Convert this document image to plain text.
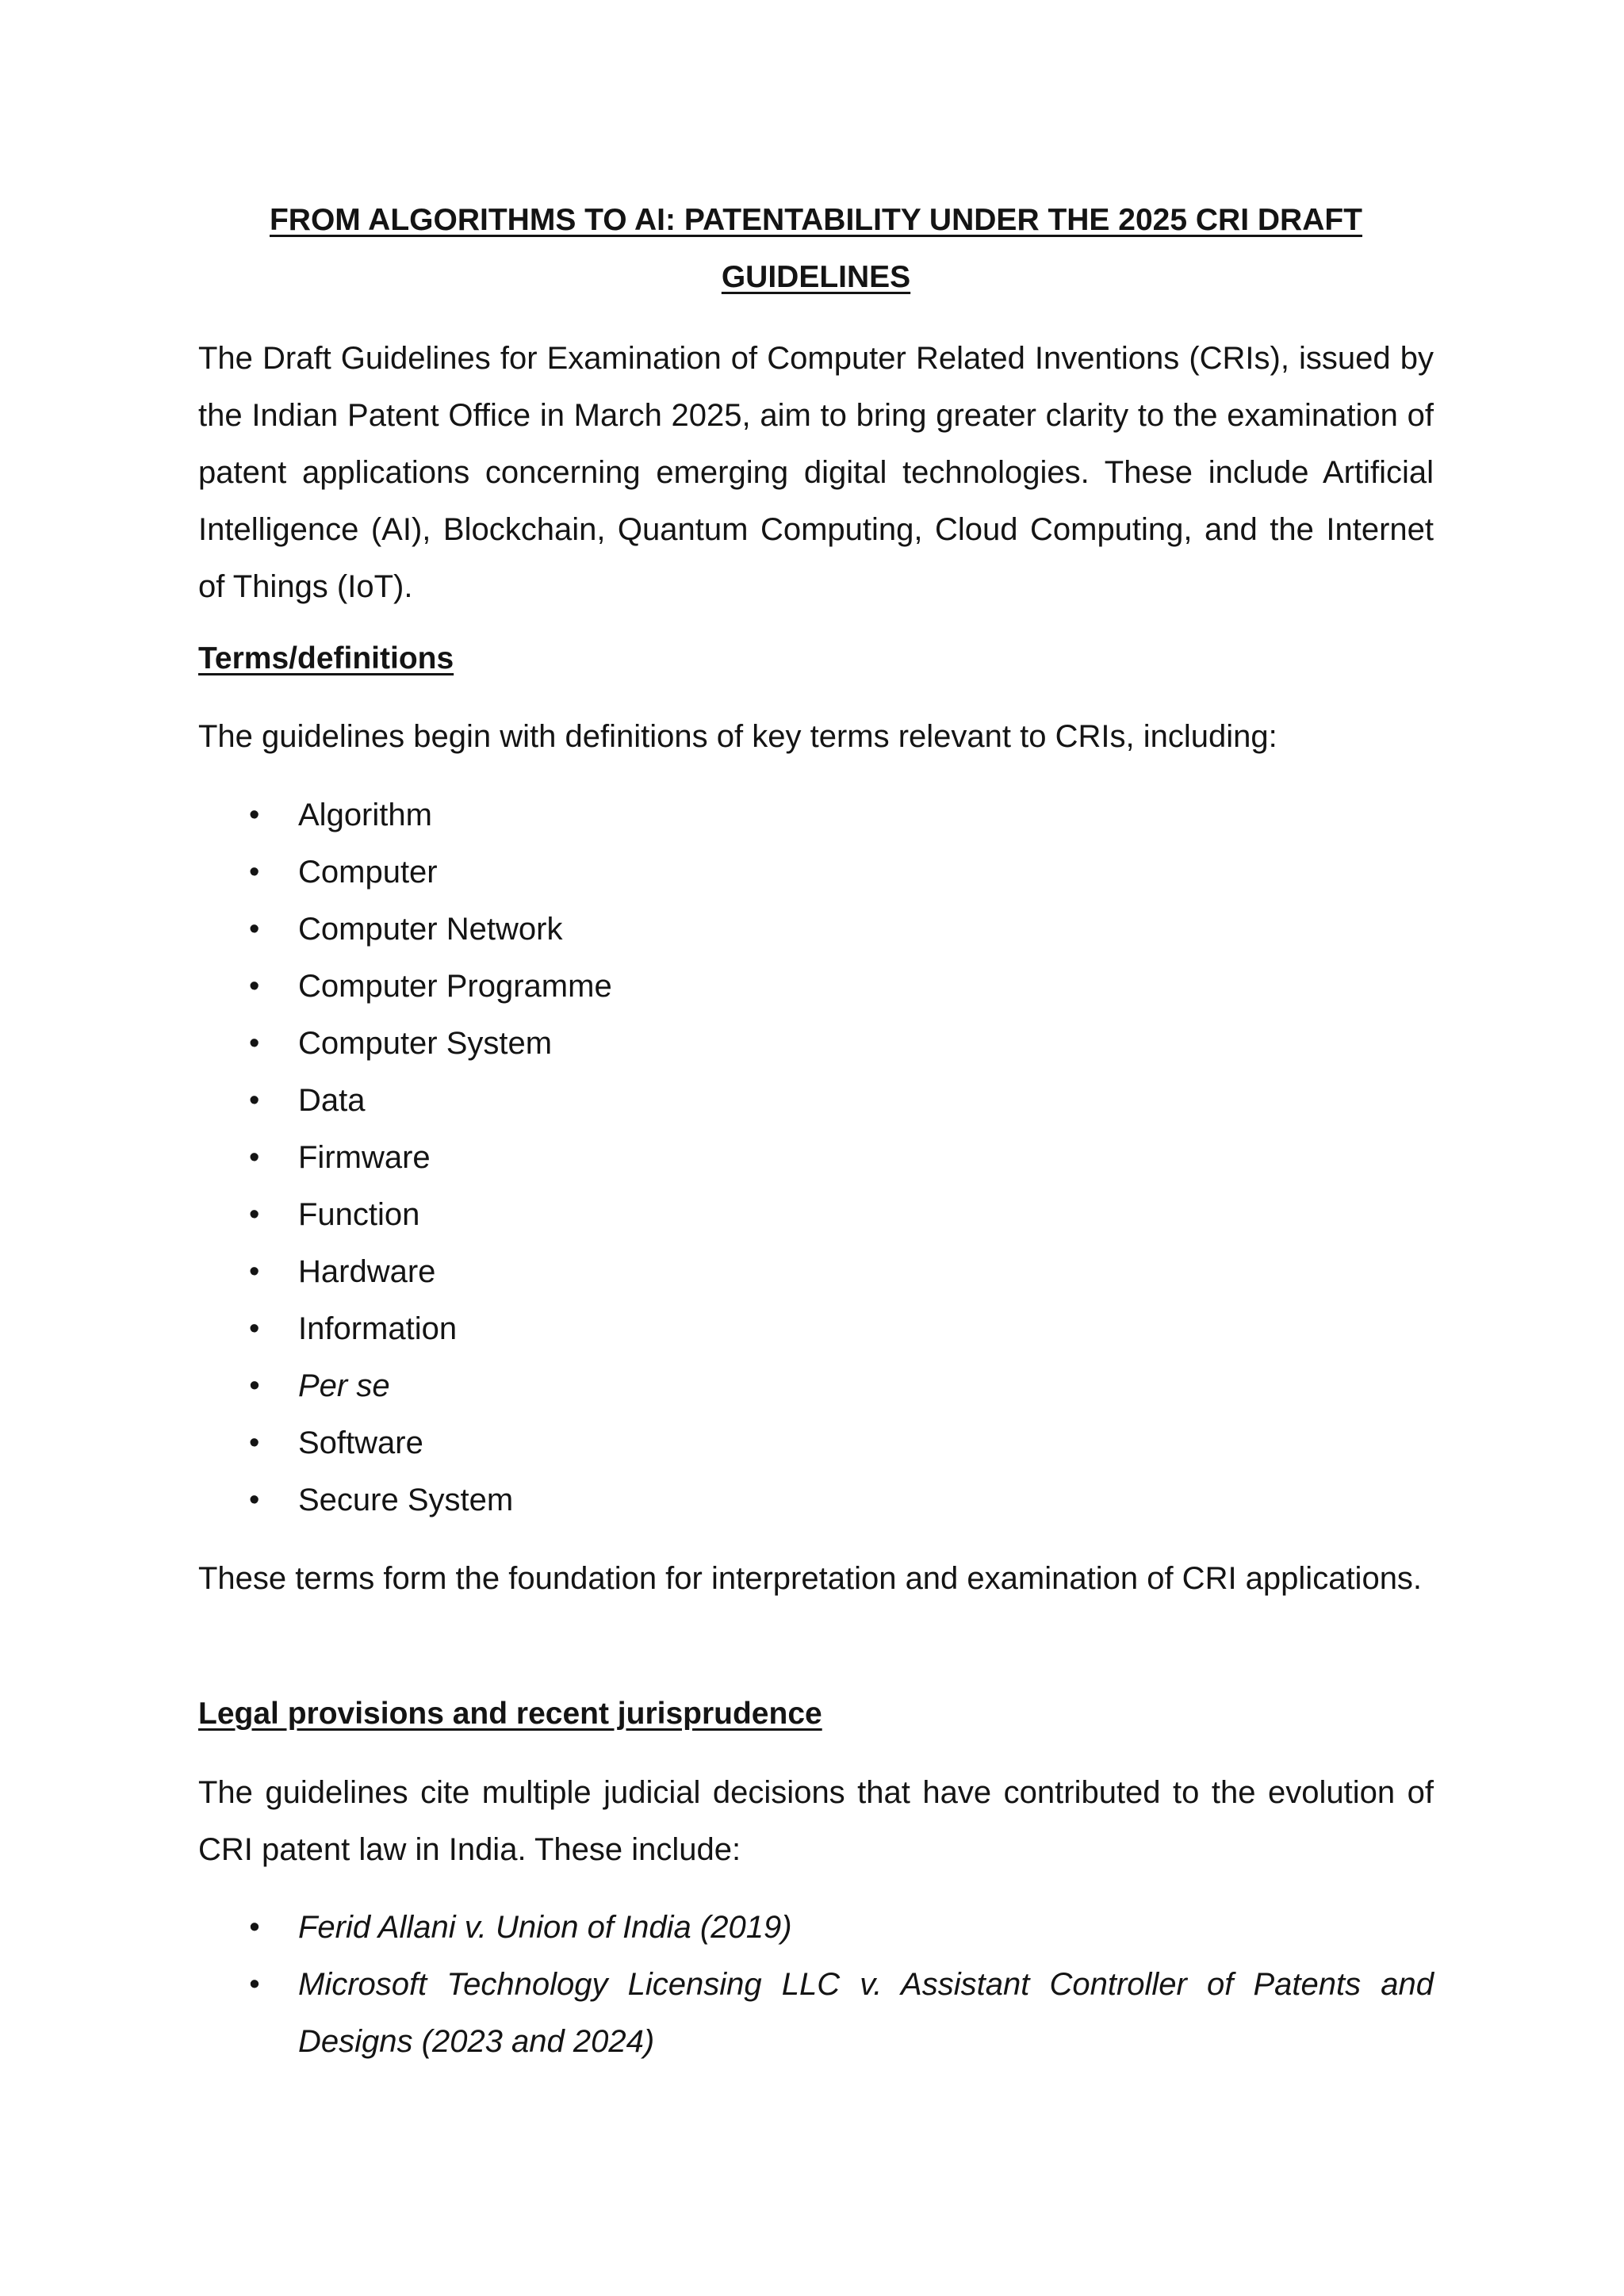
FROM ALGORITHMS TO AI: PATENTABILITY UNDER THE 2025 CRI DRAFT GUIDELINES

The Draft Guidelines for Examination of Computer Related Inventions (CRIs), issued by the Indian Patent Office in March 2025, aim to bring greater clarity to the examination of patent applications concerning emerging digital technologies. These include Artificial Intelligence (AI), Blockchain, Quantum Computing, Cloud Computing, and the Internet of Things (IoT).

Terms/definitions

The guidelines begin with definitions of key terms relevant to CRIs, including:

• Algorithm
• Computer
• Computer Network
• Computer Programme
• Computer System
• Data
• Firmware
• Function
• Hardware
• Information
• Per se
• Software
• Secure System

These terms form the foundation for interpretation and examination of CRI applications.

Legal provisions and recent jurisprudence

The guidelines cite multiple judicial decisions that have contributed to the evolution of CRI patent law in India. These include:

• Ferid Allani v. Union of India (2019)
• Microsoft Technology Licensing LLC v. Assistant Controller of Patents and Designs (2023 and 2024)
